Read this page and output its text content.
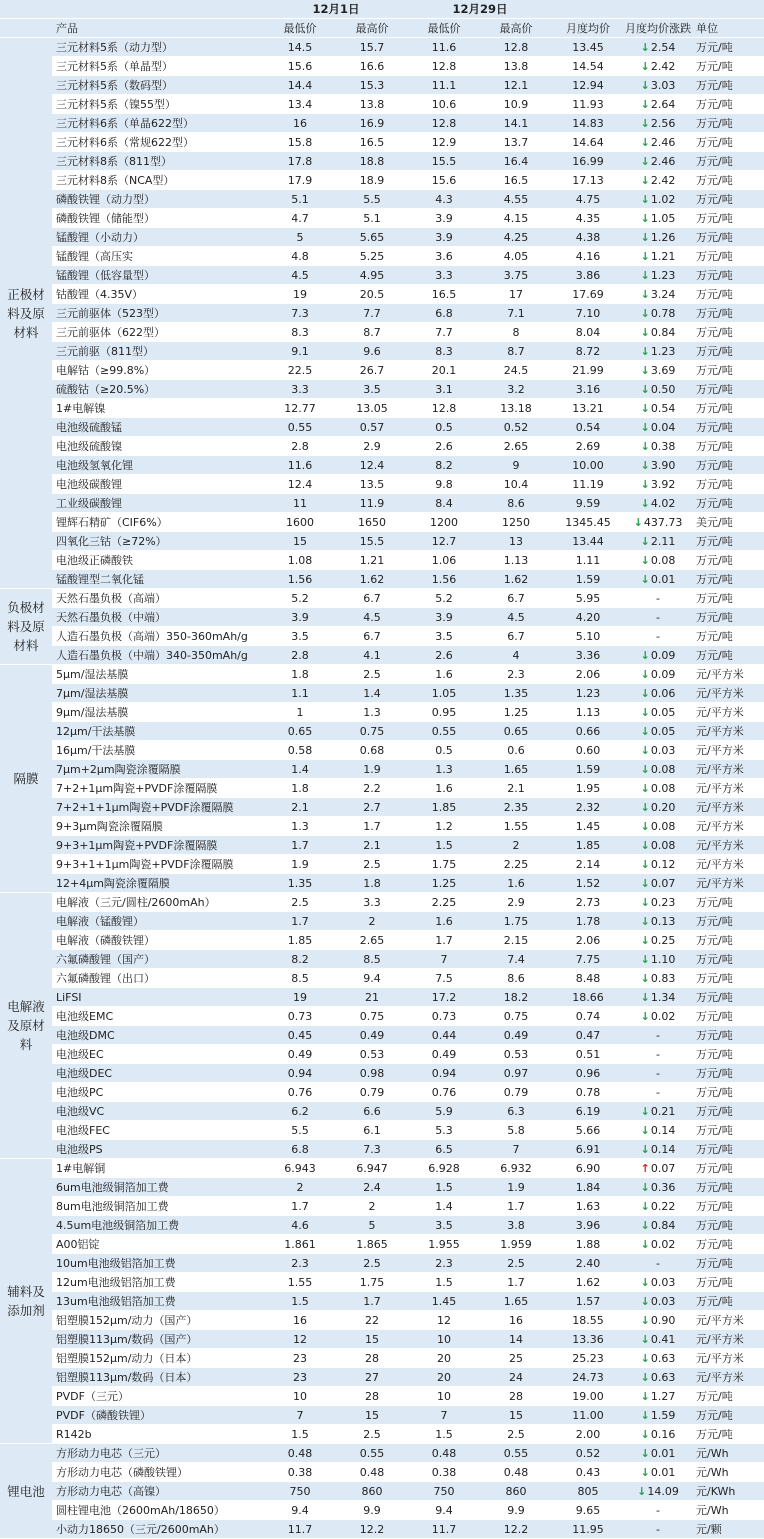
		12月1日		12月29日				
	产品	最低价	最高价	最低价	最高价	月度均价	月度均价涨跌	单位
正极材料及原材料	三元材料5系（动力型）	14.5	15.7	11.6	12.8	13.45	↓2.54	万元/吨
	三元材料5系（单晶型）	15.6	16.6	12.8	13.8	14.54	↓2.42	万元/吨
	三元材料5系（数码型）	14.4	15.3	11.1	12.1	12.94	↓3.03	万元/吨
	三元材料5系（镍55型）	13.4	13.8	10.6	10.9	11.93	↓2.64	万元/吨
	三元材料6系（单晶622型）	16	16.9	12.8	14.1	14.83	↓2.56	万元/吨
	三元材料6系（常规622型）	15.8	16.5	12.9	13.7	14.64	↓2.46	万元/吨
	三元材料8系（811型）	17.8	18.8	15.5	16.4	16.99	↓2.46	万元/吨
	三元材料8系（NCA型）	17.9	18.9	15.6	16.5	17.13	↓2.42	万元/吨
	磷酸铁锂（动力型）	5.1	5.5	4.3	4.55	4.75	↓1.02	万元/吨
	磷酸铁锂（储能型）	4.7	5.1	3.9	4.15	4.35	↓1.05	万元/吨
	锰酸锂（小动力）	5	5.65	3.9	4.25	4.38	↓1.26	万元/吨
	锰酸锂（高压实	4.8	5.25	3.6	4.05	4.16	↓1.21	万元/吨
	锰酸锂（低容量型）	4.5	4.95	3.3	3.75	3.86	↓1.23	万元/吨
	钴酸锂（4.35V）	19	20.5	16.5	17	17.69	↓3.24	万元/吨
	三元前驱体（523型）	7.3	7.7	6.8	7.1	7.10	↓0.78	万元/吨
	三元前驱体（622型）	8.3	8.7	7.7	8	8.04	↓0.84	万元/吨
	三元前驱（811型）	9.1	9.6	8.3	8.7	8.72	↓1.23	万元/吨
	电解钴（≥99.8%）	22.5	26.7	20.1	24.5	21.99	↓3.69	万元/吨
	硫酸钴（≥20.5%）	3.3	3.5	3.1	3.2	3.16	↓0.50	万元/吨
	1#电解镍	12.77	13.05	12.8	13.18	13.21	↓0.54	万元/吨
	电池级硫酸锰	0.55	0.57	0.5	0.52	0.54	↓0.04	万元/吨
	电池级硫酸镍	2.8	2.9	2.6	2.65	2.69	↓0.38	万元/吨
	电池级氢氧化锂	11.6	12.4	8.2	9	10.00	↓3.90	万元/吨
	电池级碳酸锂	12.4	13.5	9.8	10.4	11.19	↓3.92	万元/吨
	工业级碳酸锂	11	11.9	8.4	8.6	9.59	↓4.02	万元/吨
	锂辉石精矿（CIF6%）	1600	1650	1200	1250	1345.45	↓437.73	美元/吨
	四氧化三钴（≥72%）	15	15.5	12.7	13	13.44	↓2.11	万元/吨
	电池级正磷酸铁	1.08	1.21	1.06	1.13	1.11	↓0.08	万元/吨
	锰酸锂型二氧化锰	1.56	1.62	1.56	1.62	1.59	↓0.01	万元/吨
负极材料及原材料	天然石墨负极（高端）	5.2	6.7	5.2	6.7	5.95	-	万元/吨
	天然石墨负极（中端）	3.9	4.5	3.9	4.5	4.20	-	万元/吨
	人造石墨负极（高端）350-360mAh/g	3.5	6.7	3.5	6.7	5.10	-	万元/吨
	人造石墨负极（中端）340-350mAh/g	2.8	4.1	2.6	4	3.36	↓0.09	万元/吨
隔膜	5μm/湿法基膜	1.8	2.5	1.6	2.3	2.06	↓0.09	元/平方米
	7μm/湿法基膜	1.1	1.4	1.05	1.35	1.23	↓0.06	元/平方米
	9μm/湿法基膜	1	1.3	0.95	1.25	1.13	↓0.05	元/平方米
	12μm/干法基膜	0.65	0.75	0.55	0.65	0.66	↓0.05	元/平方米
	16μm/干法基膜	0.58	0.68	0.5	0.6	0.60	↓0.03	元/平方米
	7μm+2μm陶瓷涂覆隔膜	1.4	1.9	1.3	1.65	1.59	↓0.08	元/平方米
	7+2+1μm陶瓷+PVDF涂覆隔膜	1.8	2.2	1.6	2.1	1.95	↓0.08	元/平方米
	7+2+1+1μm陶瓷+PVDF涂覆隔膜	2.1	2.7	1.85	2.35	2.32	↓0.20	元/平方米
	9+3μm陶瓷涂覆隔膜	1.3	1.7	1.2	1.55	1.45	↓0.08	元/平方米
	9+3+1μm陶瓷+PVDF涂覆隔膜	1.7	2.1	1.5	2	1.85	↓0.08	元/平方米
	9+3+1+1μm陶瓷+PVDF涂覆隔膜	1.9	2.5	1.75	2.25	2.14	↓0.12	元/平方米
	12+4μm陶瓷涂覆隔膜	1.35	1.8	1.25	1.6	1.52	↓0.07	元/平方米
电解液及原材料	电解液（三元/圆柱/2600mAh）	2.5	3.3	2.25	2.9	2.73	↓0.23	万元/吨
	电解液（锰酸锂）	1.7	2	1.6	1.75	1.78	↓0.13	万元/吨
	电解液（磷酸铁锂）	1.85	2.65	1.7	2.15	2.06	↓0.25	万元/吨
	六氟磷酸锂（国产）	8.2	8.5	7	7.4	7.75	↓1.10	万元/吨
	六氟磷酸锂（出口）	8.5	9.4	7.5	8.6	8.48	↓0.83	万元/吨
	LiFSI	19	21	17.2	18.2	18.66	↓1.34	万元/吨
	电池级EMC	0.73	0.75	0.73	0.75	0.74	↓0.02	万元/吨
	电池级DMC	0.45	0.49	0.44	0.49	0.47	-	万元/吨
	电池级EC	0.49	0.53	0.49	0.53	0.51	-	万元/吨
	电池级DEC	0.94	0.98	0.94	0.97	0.96	-	万元/吨
	电池级PC	0.76	0.79	0.76	0.79	0.78	-	万元/吨
	电池级VC	6.2	6.6	5.9	6.3	6.19	↓0.21	万元/吨
	电池级FEC	5.5	6.1	5.3	5.8	5.66	↓0.14	万元/吨
	电池级PS	6.8	7.3	6.5	7	6.91	↓0.14	万元/吨
辅料及添加剂	1#电解铜	6.943	6.947	6.928	6.932	6.90	↑0.07	万元/吨
	6um电池级铜箔加工费	2	2.4	1.5	1.9	1.84	↓0.36	万元/吨
	8um电池级铜箔加工费	1.7	2	1.4	1.7	1.63	↓0.22	万元/吨
	4.5um电池级铜箔加工费	4.6	5	3.5	3.8	3.96	↓0.84	万元/吨
	A00铝锭	1.861	1.865	1.955	1.959	1.88	↓0.02	万元/吨
	10um电池级铝箔加工费	2.3	2.5	2.3	2.5	2.40	-	万元/吨
	12um电池级铝箔加工费	1.55	1.75	1.5	1.7	1.62	↓0.03	万元/吨
	13um电池级铝箔加工费	1.5	1.7	1.45	1.65	1.57	↓0.03	万元/吨
	铝塑膜152μm/动力（国产）	16	22	12	16	18.55	↓0.90	元/平方米
	铝塑膜113μm/数码（国产）	12	15	10	14	13.36	↓0.41	元/平方米
	铝塑膜152μm/动力（日本）	23	28	20	25	25.23	↓0.63	元/平方米
	铝塑膜113μm/数码（日本）	23	27	20	24	24.73	↓0.63	元/平方米
	PVDF（三元）	10	28	10	28	19.00	↓1.27	万元/吨
	PVDF（磷酸铁锂）	7	15	7	15	11.00	↓1.59	万元/吨
	R142b	1.5	2.5	1.5	2.5	2.00	↓0.16	万元/吨
锂电池	方形动力电芯（三元）	0.48	0.55	0.48	0.55	0.52	↓0.01	元/Wh
	方形动力电芯（磷酸铁锂）	0.38	0.48	0.38	0.48	0.43	↓0.01	元/Wh
	方形动力电芯（高镍）	750	860	750	860	805	↓14.09	元/KWh
	圆柱锂电池（2600mAh/18650）	9.4	9.9	9.4	9.9	9.65	-	元/Wh
	小动力18650（三元/2600mAh）	11.7	12.2	11.7	12.2	11.95	-	元/颗
